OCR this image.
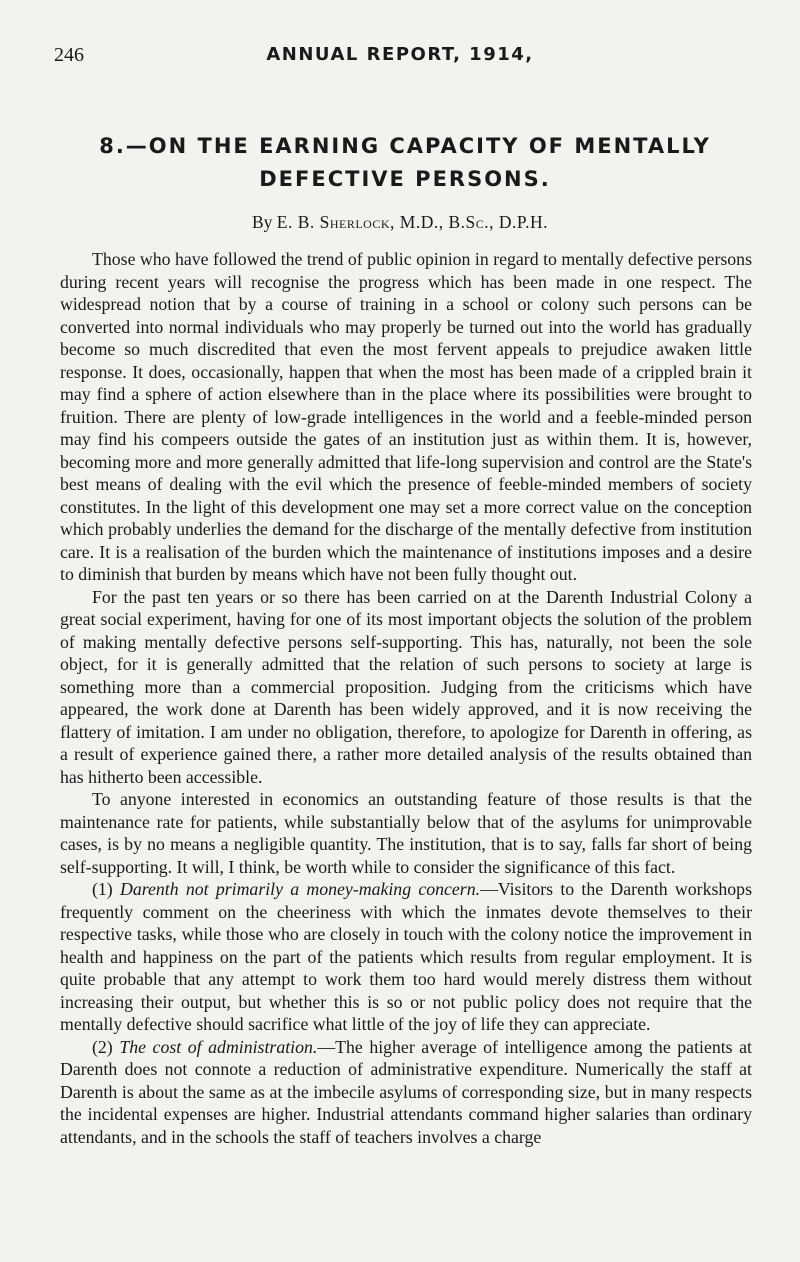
246	ANNUAL REPORT, 1914,
8.—ON THE EARNING CAPACITY OF MENTALLY DEFECTIVE PERSONS.
By E. B. Sherlock, M.D., B.Sc., D.P.H.

Those who have followed the trend of public opinion in regard to mentally defective persons during recent years will recognise the progress which has been made in one respect. The widespread notion that by a course of training in a school or colony such persons can be converted into normal individuals who may properly be turned out into the world has gradually become so much discredited that even the most fervent appeals to prejudice awaken little response. It does, occasionally, happen that when the most has been made of a crippled brain it may find a sphere of action elsewhere than in the place where its possibilities were brought to fruition. There are plenty of low-grade intelligences in the world and a feeble-minded person may find his compeers outside the gates of an institution just as within them. It is, however, becoming more and more generally admitted that life-long supervision and control are the State's best means of dealing with the evil which the presence of feeble-minded members of society constitutes. In the light of this development one may set a more correct value on the conception which probably underlies the demand for the discharge of the mentally defective from institution care. It is a realisation of the burden which the maintenance of institutions imposes and a desire to diminish that burden by means which have not been fully thought out.

For the past ten years or so there has been carried on at the Darenth Industrial Colony a great social experiment, having for one of its most important objects the solution of the problem of making mentally defective persons self-supporting. This has, naturally, not been the sole object, for it is generally admitted that the relation of such persons to society at large is something more than a commercial proposition. Judging from the criticisms which have appeared, the work done at Darenth has been widely approved, and it is now receiving the flattery of imitation. I am under no obligation, therefore, to apologize for Darenth in offering, as a result of experience gained there, a rather more detailed analysis of the results obtained than has hitherto been accessible.

To anyone interested in economics an outstanding feature of those results is that the maintenance rate for patients, while substantially below that of the asylums for unimprovable cases, is by no means a negligible quantity. The institution, that is to say, falls far short of being self-supporting. It will, I think, be worth while to consider the significance of this fact.

(1) Darenth not primarily a money-making concern.—Visitors to the Darenth workshops frequently comment on the cheeriness with which the inmates devote themselves to their respective tasks, while those who are closely in touch with the colony notice the improvement in health and happiness on the part of the patients which results from regular employment. It is quite probable that any attempt to work them too hard would merely distress them without increasing their output, but whether this is so or not public policy does not require that the mentally defective should sacrifice what little of the joy of life they can appreciate.

(2) The cost of administration.—The higher average of intelligence among the patients at Darenth does not connote a reduction of administrative expenditure. Numerically the staff at Darenth is about the same as at the imbecile asylums of corresponding size, but in many respects the incidental expenses are higher. Industrial attendants command higher salaries than ordinary attendants, and in the schools the staff of teachers involves a charge
